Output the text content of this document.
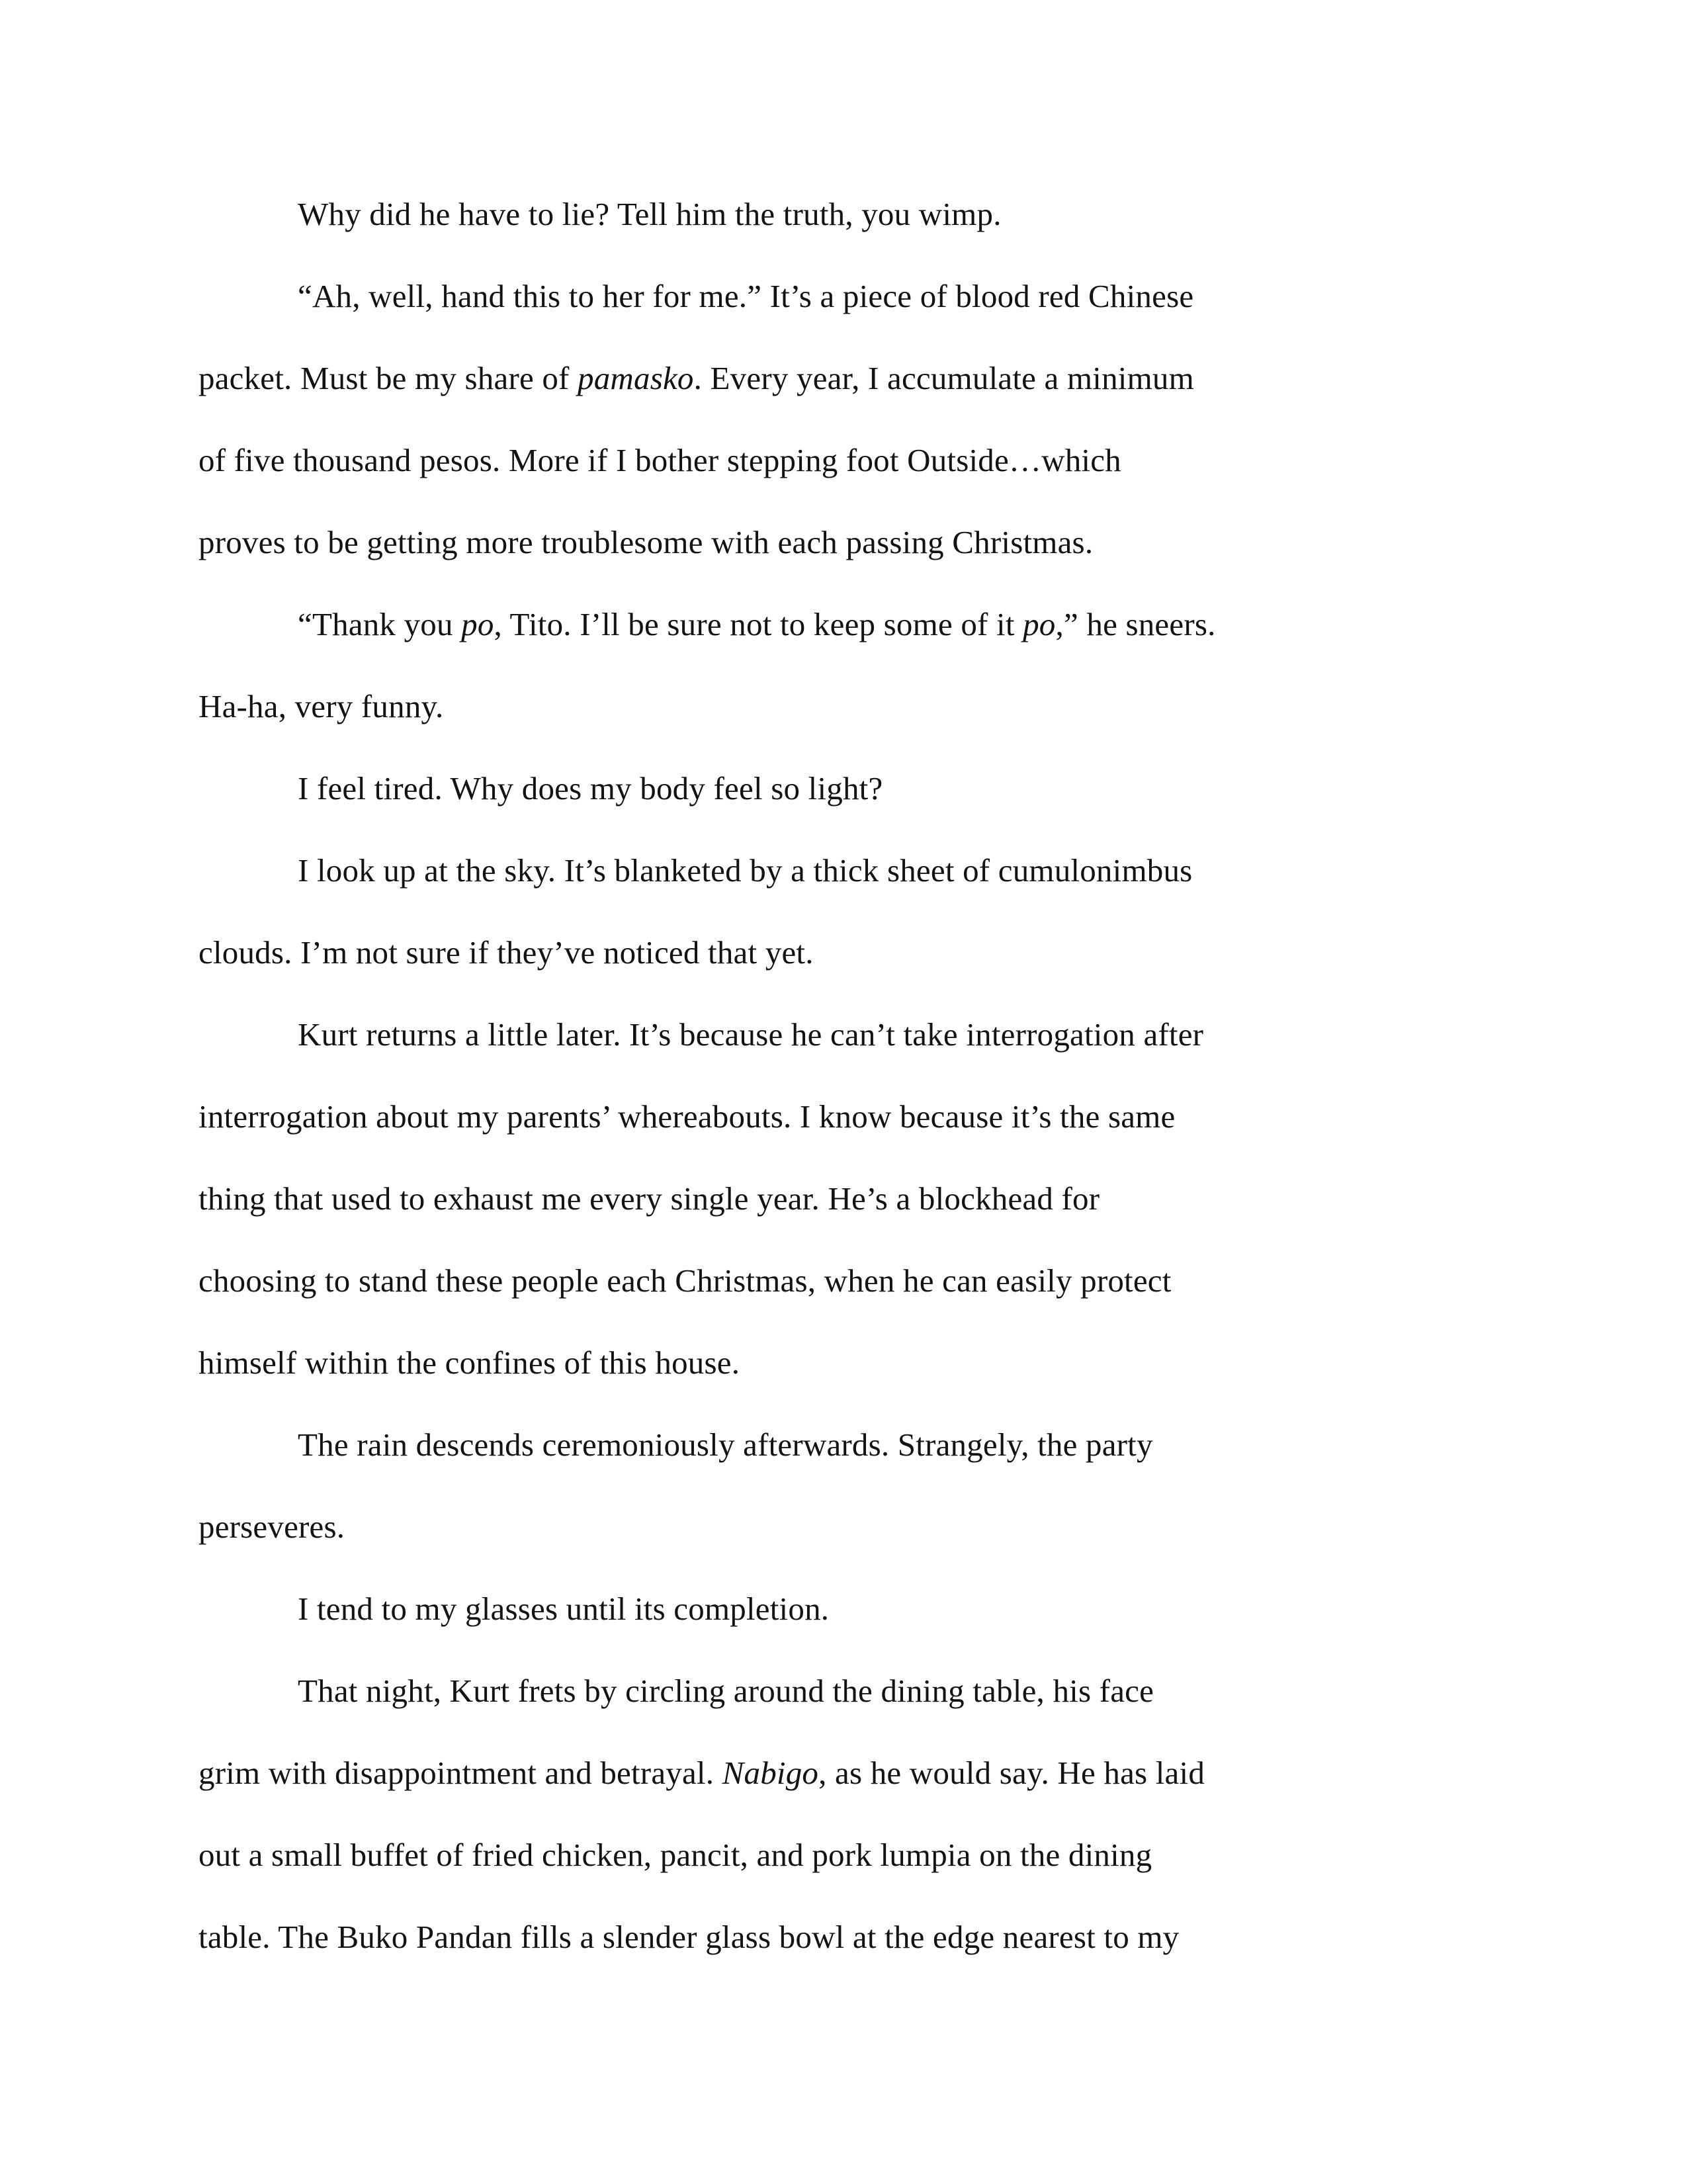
Why did he have to lie? Tell him the truth, you wimp.
“Ah, well, hand this to her for me.” It’s a piece of blood red Chinese
packet. Must be my share of pamasko. Every year, I accumulate a minimum
of five thousand pesos. More if I bother stepping foot Outside…which
proves to be getting more troublesome with each passing Christmas.
“Thank you po, Tito. I’ll be sure not to keep some of it po,” he sneers.
Ha-ha, very funny.
I feel tired. Why does my body feel so light?
I look up at the sky. It’s blanketed by a thick sheet of cumulonimbus
clouds. I’m not sure if they’ve noticed that yet.
Kurt returns a little later. It’s because he can’t take interrogation after
interrogation about my parents’ whereabouts. I know because it’s the same
thing that used to exhaust me every single year. He’s a blockhead for
choosing to stand these people each Christmas, when he can easily protect
himself within the confines of this house.
The rain descends ceremoniously afterwards. Strangely, the party
perseveres.
I tend to my glasses until its completion.
That night, Kurt frets by circling around the dining table, his face
grim with disappointment and betrayal. Nabigo, as he would say. He has laid
out a small buffet of fried chicken, pancit, and pork lumpia on the dining
table. The Buko Pandan fills a slender glass bowl at the edge nearest to my
